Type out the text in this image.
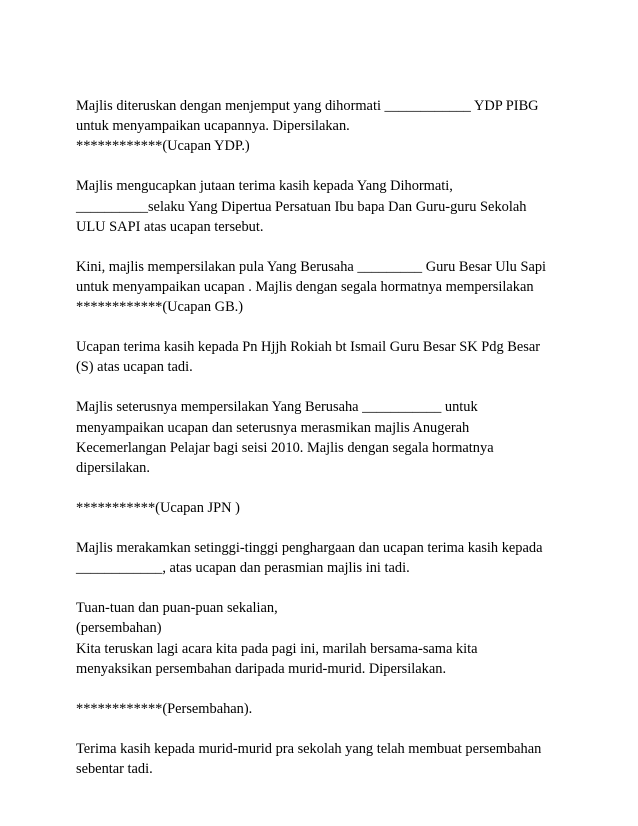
Majlis diteruskan dengan menjemput yang dihormati ____________ YDP PIBG
untuk menyampaikan ucapannya. Dipersilakan.
************(Ucapan YDP.)

Majlis mengucapkan jutaan terima kasih kepada Yang Dihormati,
__________selaku Yang Dipertua Persatuan Ibu bapa Dan Guru-guru Sekolah
ULU SAPI atas ucapan tersebut.

Kini, majlis mempersilakan pula Yang Berusaha _________ Guru Besar Ulu Sapi
untuk menyampaikan ucapan . Majlis dengan segala hormatnya mempersilakan
************(Ucapan GB.)

Ucapan terima kasih kepada Pn Hjjh Rokiah bt Ismail Guru Besar SK Pdg Besar
(S) atas ucapan tadi.

Majlis seterusnya mempersilakan Yang Berusaha ___________ untuk
menyampaikan ucapan dan seterusnya merasmikan majlis Anugerah
Kecemerlangan Pelajar bagi seisi 2010. Majlis dengan segala hormatnya
dipersilakan.

***********(Ucapan JPN )

Majlis merakamkan setinggi-tinggi penghargaan dan ucapan terima kasih kepada
____________, atas ucapan dan perasmian majlis ini tadi.

Tuan-tuan dan puan-puan sekalian,
(persembahan)
Kita teruskan lagi acara kita pada pagi ini, marilah bersama-sama kita
menyaksikan persembahan daripada murid-murid. Dipersilakan.

************(Persembahan).

Terima kasih kepada murid-murid pra sekolah yang telah membuat persembahan
sebentar tadi.
